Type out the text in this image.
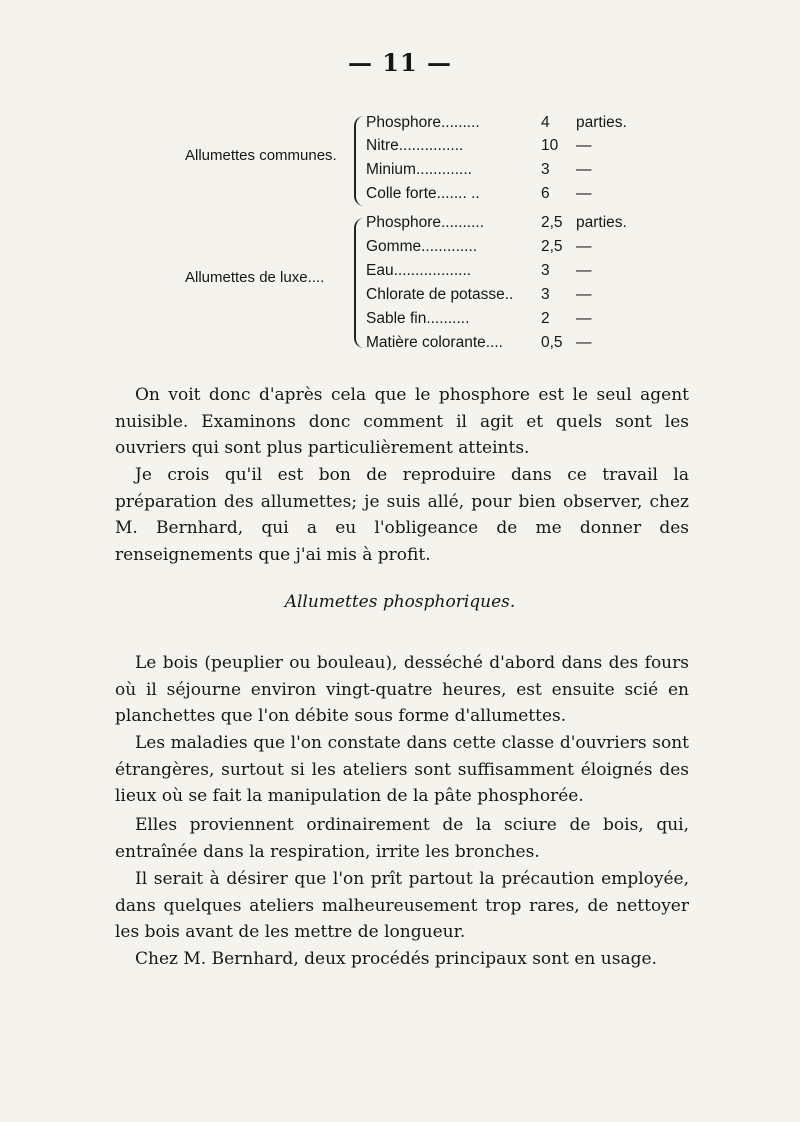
— 11 —
Allumettes communes.
Phosphore.........	4 parties.
Nitre...............	10 —
Minium.............	3 —
Colle forte....... ..	6 —
Allumettes de luxe....
Phosphore..........	2,5 parties.
Gomme.............	2,5 —
Eau..................	3 —
Chlorate de potasse.. 3 —
Sable fin..........	2 —
Matière colorante.... 0,5 —
On voit donc d'après cela que le phosphore est le seul agent nuisible. Examinons donc comment il agit et quels sont les ouvriers qui sont plus particulièrement atteints.
Je crois qu'il est bon de reproduire dans ce travail la préparation des allumettes; je suis allé, pour bien observer, chez M. Bernhard, qui a eu l'obligeance de me donner des renseignements que j'ai mis à profit.
Allumettes phosphoriques.
Le bois (peuplier ou bouleau), desséché d'abord dans des fours où il séjourne environ vingt-quatre heures, est ensuite scié en planchettes que l'on débite sous forme d'allumettes.
Les maladies que l'on constate dans cette classe d'ouvriers sont étrangères, surtout si les ateliers sont suffisamment éloignés des lieux où se fait la manipulation de la pâte phosphorée.
Elles proviennent ordinairement de la sciure de bois, qui, entraînée dans la respiration, irrite les bronches.
Il serait à désirer que l'on prît partout la précaution employée, dans quelques ateliers malheureusement trop rares, de nettoyer les bois avant de les mettre de longueur.
Chez M. Bernhard, deux procédés principaux sont en usage.
